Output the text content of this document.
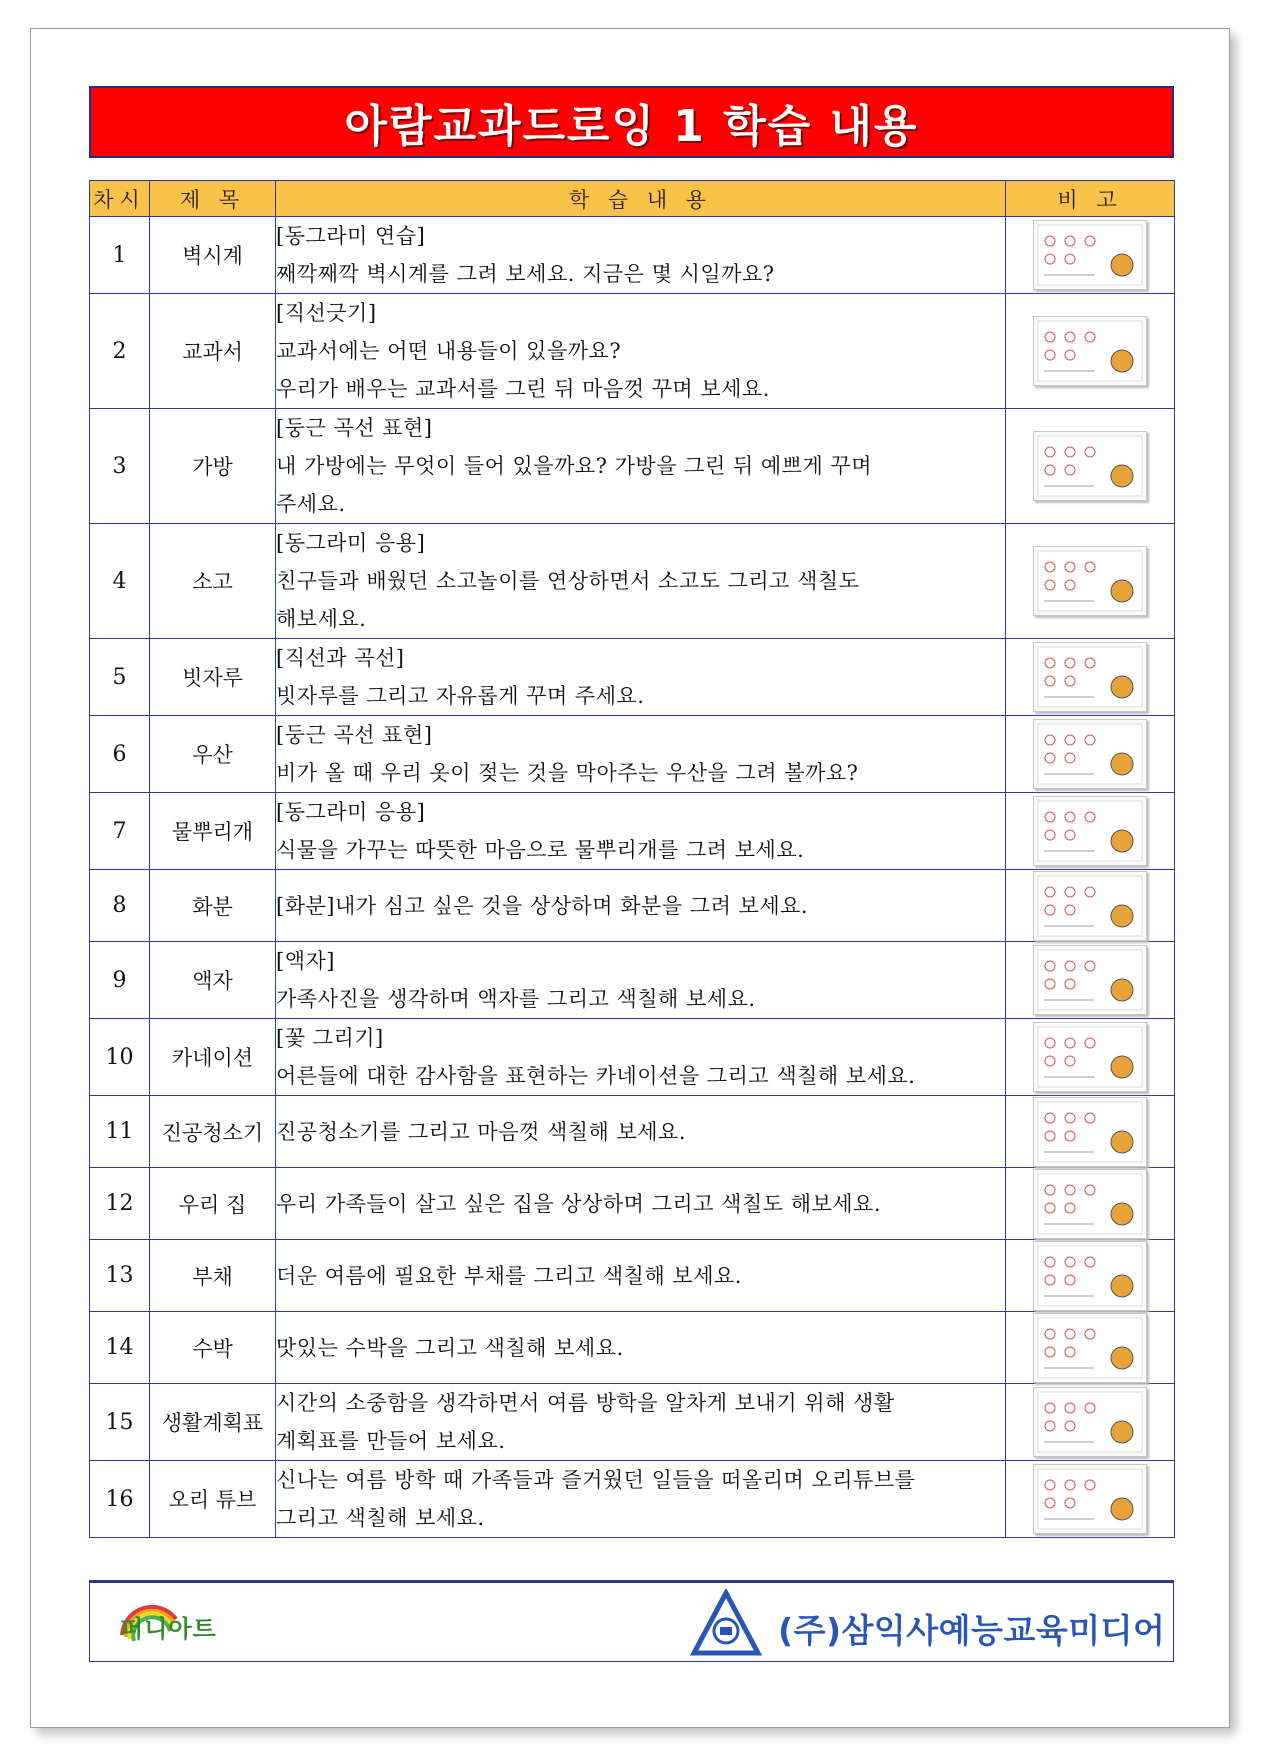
아람교과드로잉 1 학습 내용
차시	제 목	학 습 내 용	비 고
1	벽시계	[동그라미 연습]
째깍째깍 벽시계를 그려 보세요. 지금은 몇 시일까요?

2	교과서	[직선긋기]
교과서에는 어떤 내용들이 있을까요?
우리가 배우는 교과서를 그린 뒤 마음껏 꾸며 보세요.

3	가방	[둥근 곡선 표현]
내 가방에는 무엇이 들어 있을까요? 가방을 그린 뒤 예쁘게 꾸며
주세요.

4	소고	[동그라미 응용]
친구들과 배웠던 소고놀이를 연상하면서 소고도 그리고 색칠도
해보세요.

5	빗자루	[직선과 곡선]
빗자루를 그리고 자유롭게 꾸며 주세요.

6	우산	[둥근 곡선 표현]
비가 올 때 우리 옷이 젖는 것을 막아주는 우산을 그려 볼까요?

7	물뿌리개	[동그라미 응용]
식물을 가꾸는 따뜻한 마음으로 물뿌리개를 그려 보세요.

8	화분	[화분]내가 심고 싶은 것을 상상하며 화분을 그려 보세요.

9	액자	[액자]
가족사진을 생각하며 액자를 그리고 색칠해 보세요.

10	카네이션	[꽃 그리기]
어른들에 대한 감사함을 표현하는 카네이션을 그리고 색칠해 보세요.

11	진공청소기	진공청소기를 그리고 마음껏 색칠해 보세요.

12	우리 집	우리 가족들이 살고 싶은 집을 상상하며 그리고 색칠도 해보세요.

13	부채	더운 여름에 필요한 부채를 그리고 색칠해 보세요.

14	수박	맛있는 수박을 그리고 색칠해 보세요.

15	생활계획표	시간의 소중함을 생각하면서 여름 방학을 알차게 보내기 위해 생활
계획표를 만들어 보세요.

16	오리 튜브	신나는 여름 방학 때 가족들과 즐거웠던 일들을 떠올리며 오리튜브를
그리고 색칠해 보세요.

퍼니아트	(주)삼익사예능교육미디어
